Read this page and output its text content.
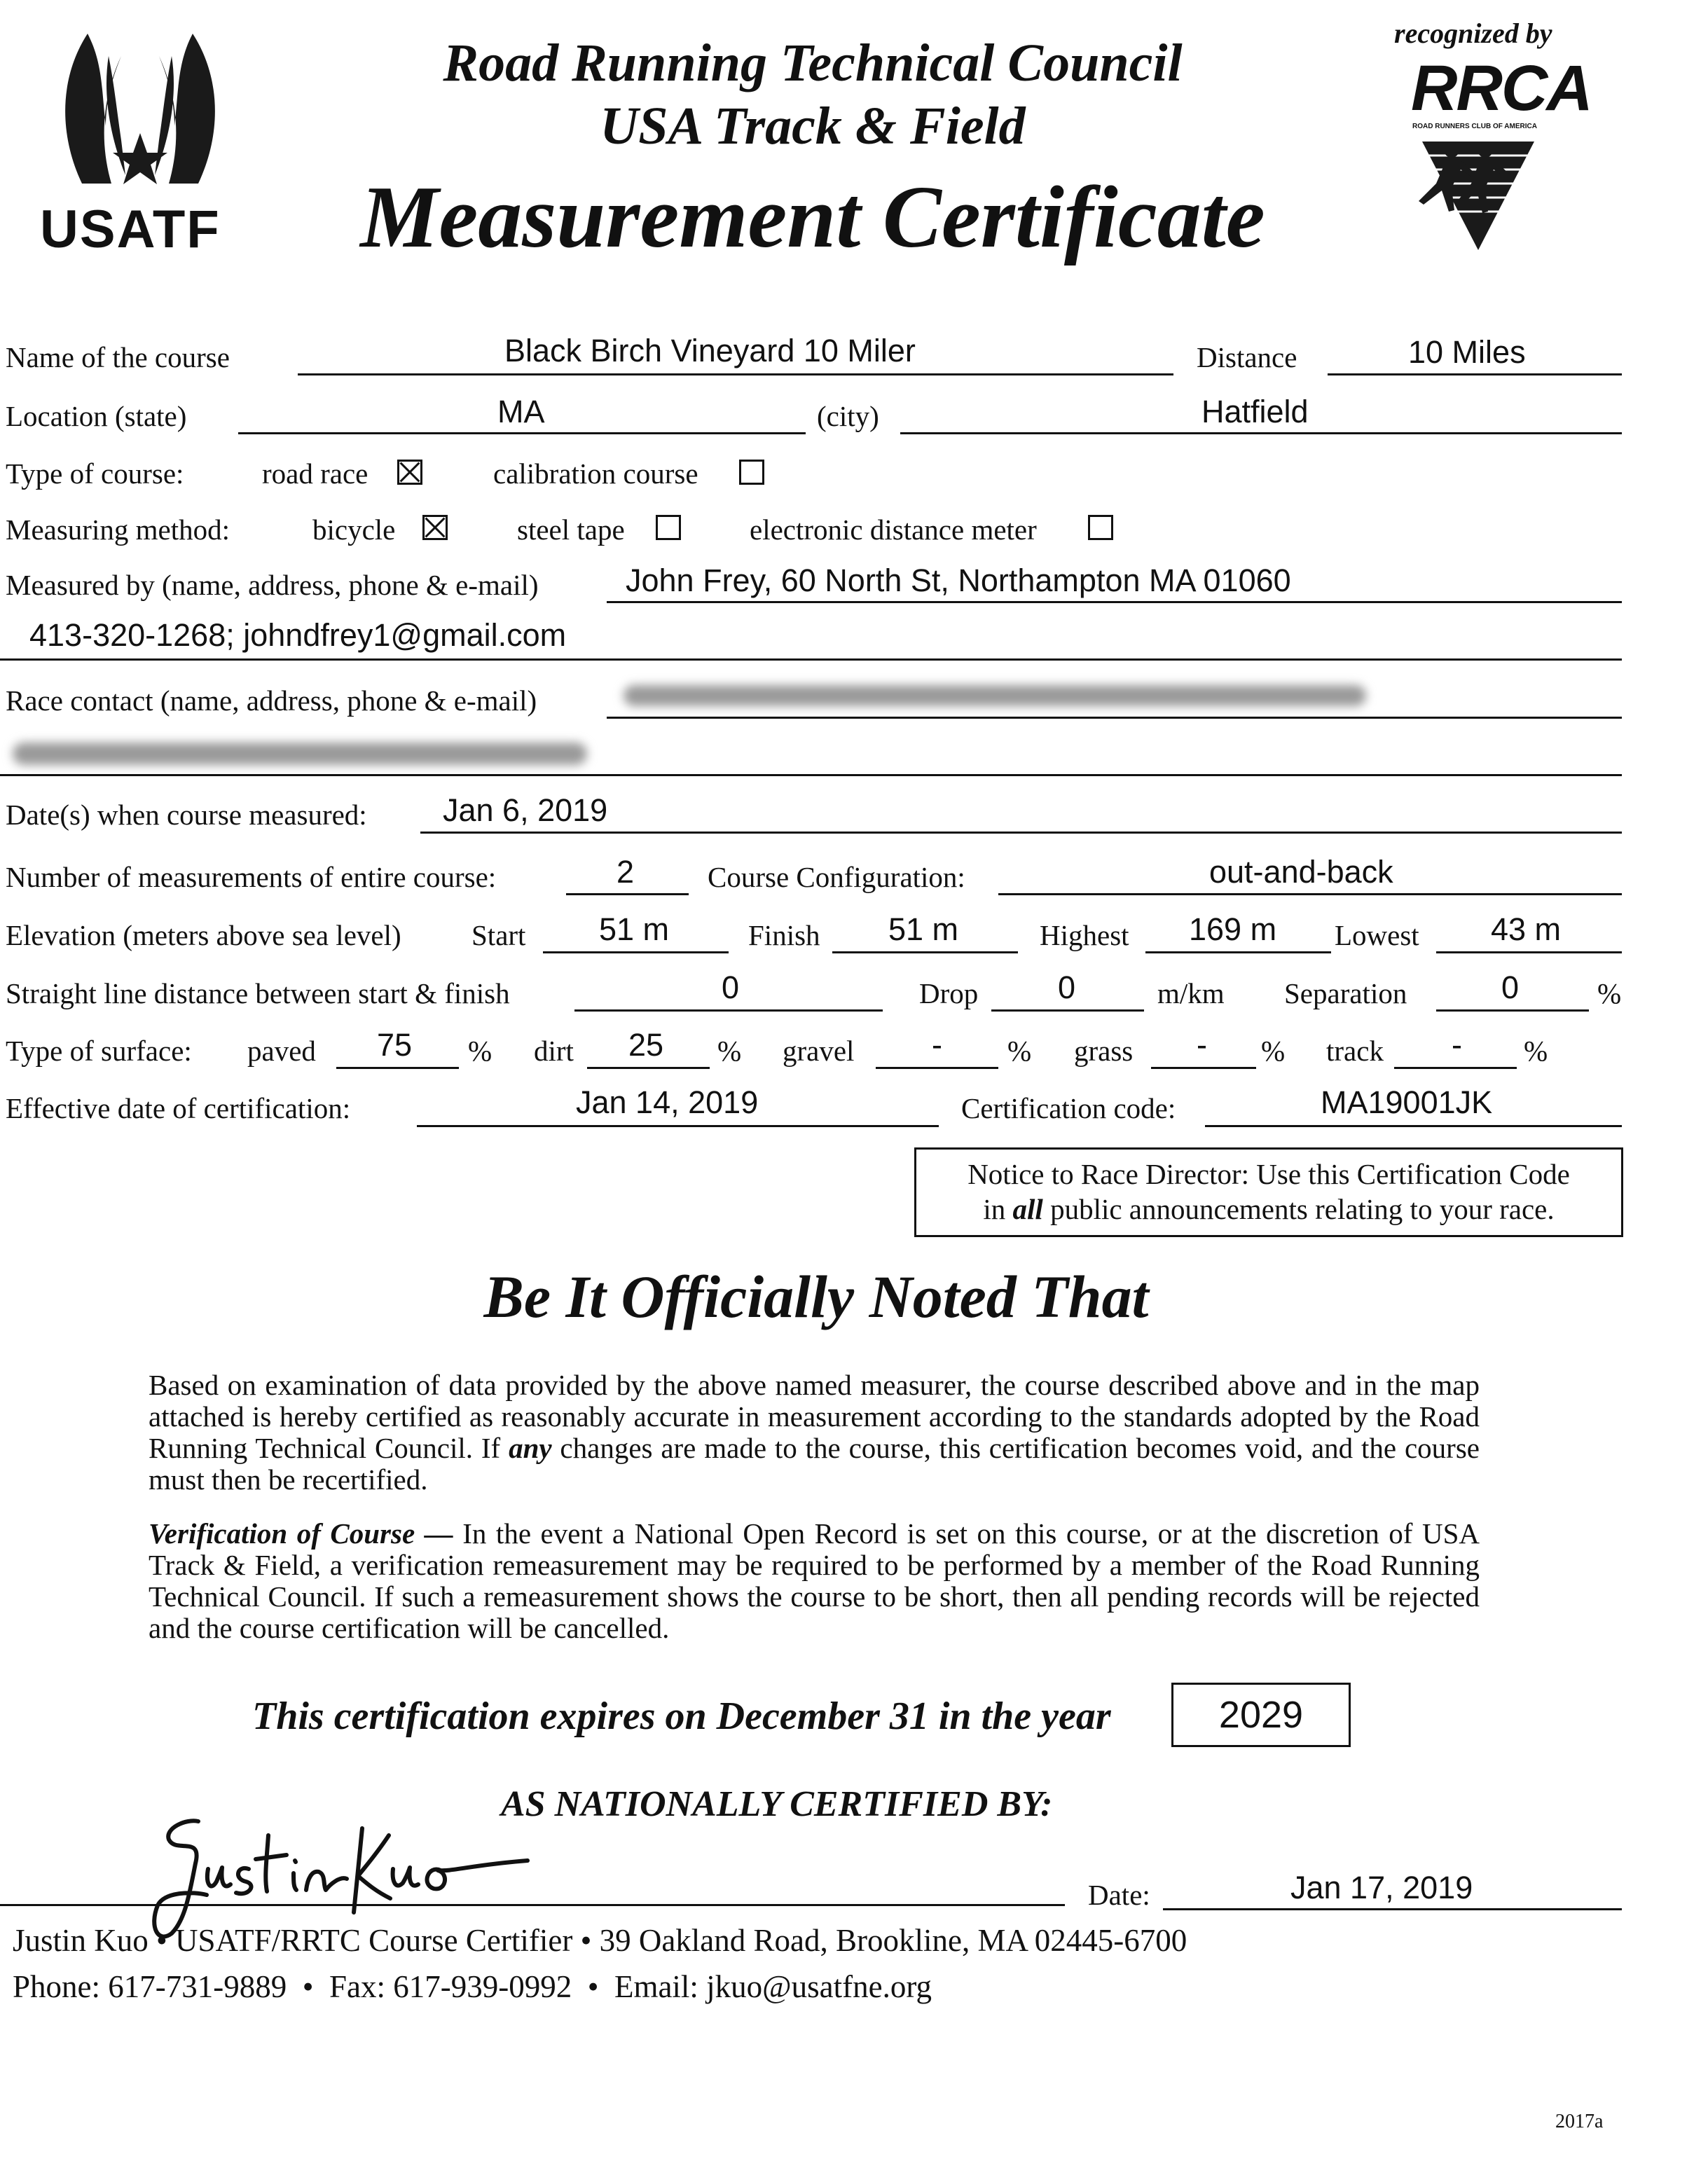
USATF
Road Running Technical Council
USA Track & Field
Measurement Certificate
recognized by
RRCA
ROAD RUNNERS CLUB OF AMERICA
Name of the course	Black Birch Vineyard 10 Miler	Distance	10 Miles
Location (state)	MA	(city)	Hatfield
Type of course:	road race	calibration course
Measuring method:	bicycle	steel tape	electronic distance meter
Measured by (name, address, phone & e-mail)	John Frey, 60 North St, Northampton MA 01060
413-320-1268; johndfrey1@gmail.com
Race contact (name, address, phone & e-mail)
Date(s) when course measured: Jan 6, 2019
Number of measurements of entire course:	2	Course Configuration:	out-and-back
Elevation (meters above sea level) Start 51 m	Finish 51 m	Highest 169 m Lowest 43 m
Straight line distance between start & finish	0	Drop	0	m/km Separation	0	%
Type of surface: paved 75 % dirt 25 % gravel - % grass - % track - %
Effective date of certification:	Jan 14, 2019	Certification code:	MA19001JK
Notice to Race Director: Use this Certification Code
in all public announcements relating to your race.
Be It Officially Noted That
Based on examination of data provided by the above named measurer, the course described above and in the map attached is hereby certified as reasonably accurate in measurement according to the standards adopted by the Road Running Technical Council. If any changes are made to the course, this certification becomes void, and the course must then be recertified.
Verification of Course — In the event a National Open Record is set on this course, or at the discretion of USA Track & Field, a verification remeasurement may be required to be performed by a member of the Road Running Technical Council. If such a remeasurement shows the course to be short, then all pending records will be rejected and the course certification will be cancelled.
This certification expires on December 31 in the year	2029
AS NATIONALLY CERTIFIED BY:
Date:	Jan 17, 2019
Justin Kuo • USATF/RRTC Course Certifier • 39 Oakland Road, Brookline, MA 02445-6700
Phone: 617-731-9889  •  Fax: 617-939-0992  •  Email: jkuo@usatfne.org
2017a
